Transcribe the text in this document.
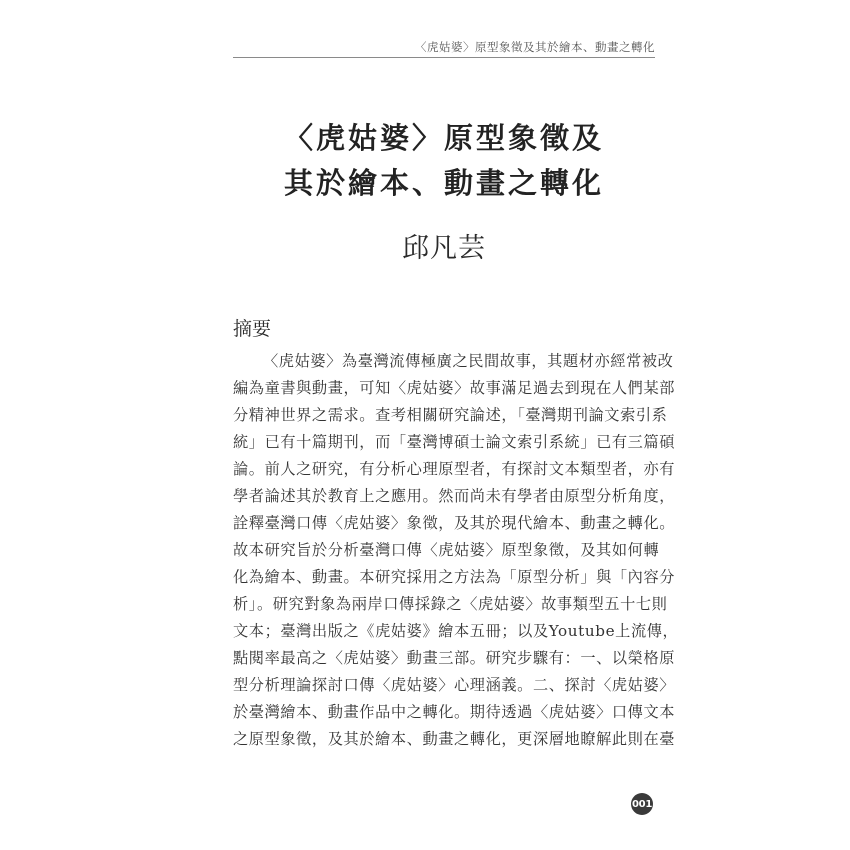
〈虎姑婆〉原型象徵及其於繪本、動畫之轉化
〈虎姑婆〉原型象徵及
其於繪本、動畫之轉化
邱凡芸
摘要
〈虎姑婆〉為臺灣流傳極廣之民間故事，其題材亦經常被改
編為童書與動畫，可知〈虎姑婆〉故事滿足過去到現在人們某部
分精神世界之需求。查考相關研究論述，「臺灣期刊論文索引系
統」已有十篇期刊，而「臺灣博碩士論文索引系統」已有三篇碩
論。前人之研究，有分析心理原型者，有探討文本類型者，亦有
學者論述其於教育上之應用。然而尚未有學者由原型分析角度，
詮釋臺灣口傳〈虎姑婆〉象徵，及其於現代繪本、動畫之轉化。
故本研究旨於分析臺灣口傳〈虎姑婆〉原型象徵，及其如何轉
化為繪本、動畫。本研究採用之方法為「原型分析」與「內容分
析」。研究對象為兩岸口傳採錄之〈虎姑婆〉故事類型五十七則
文本；臺灣出版之《虎姑婆》繪本五冊；以及Youtube上流傳，
點閱率最高之〈虎姑婆〉動畫三部。研究步驟有：一、以榮格原
型分析理論探討口傳〈虎姑婆〉心理涵義。二、探討〈虎姑婆〉
於臺灣繪本、動畫作品中之轉化。期待透過〈虎姑婆〉口傳文本
之原型象徵，及其於繪本、動畫之轉化，更深層地瞭解此則在臺
001
